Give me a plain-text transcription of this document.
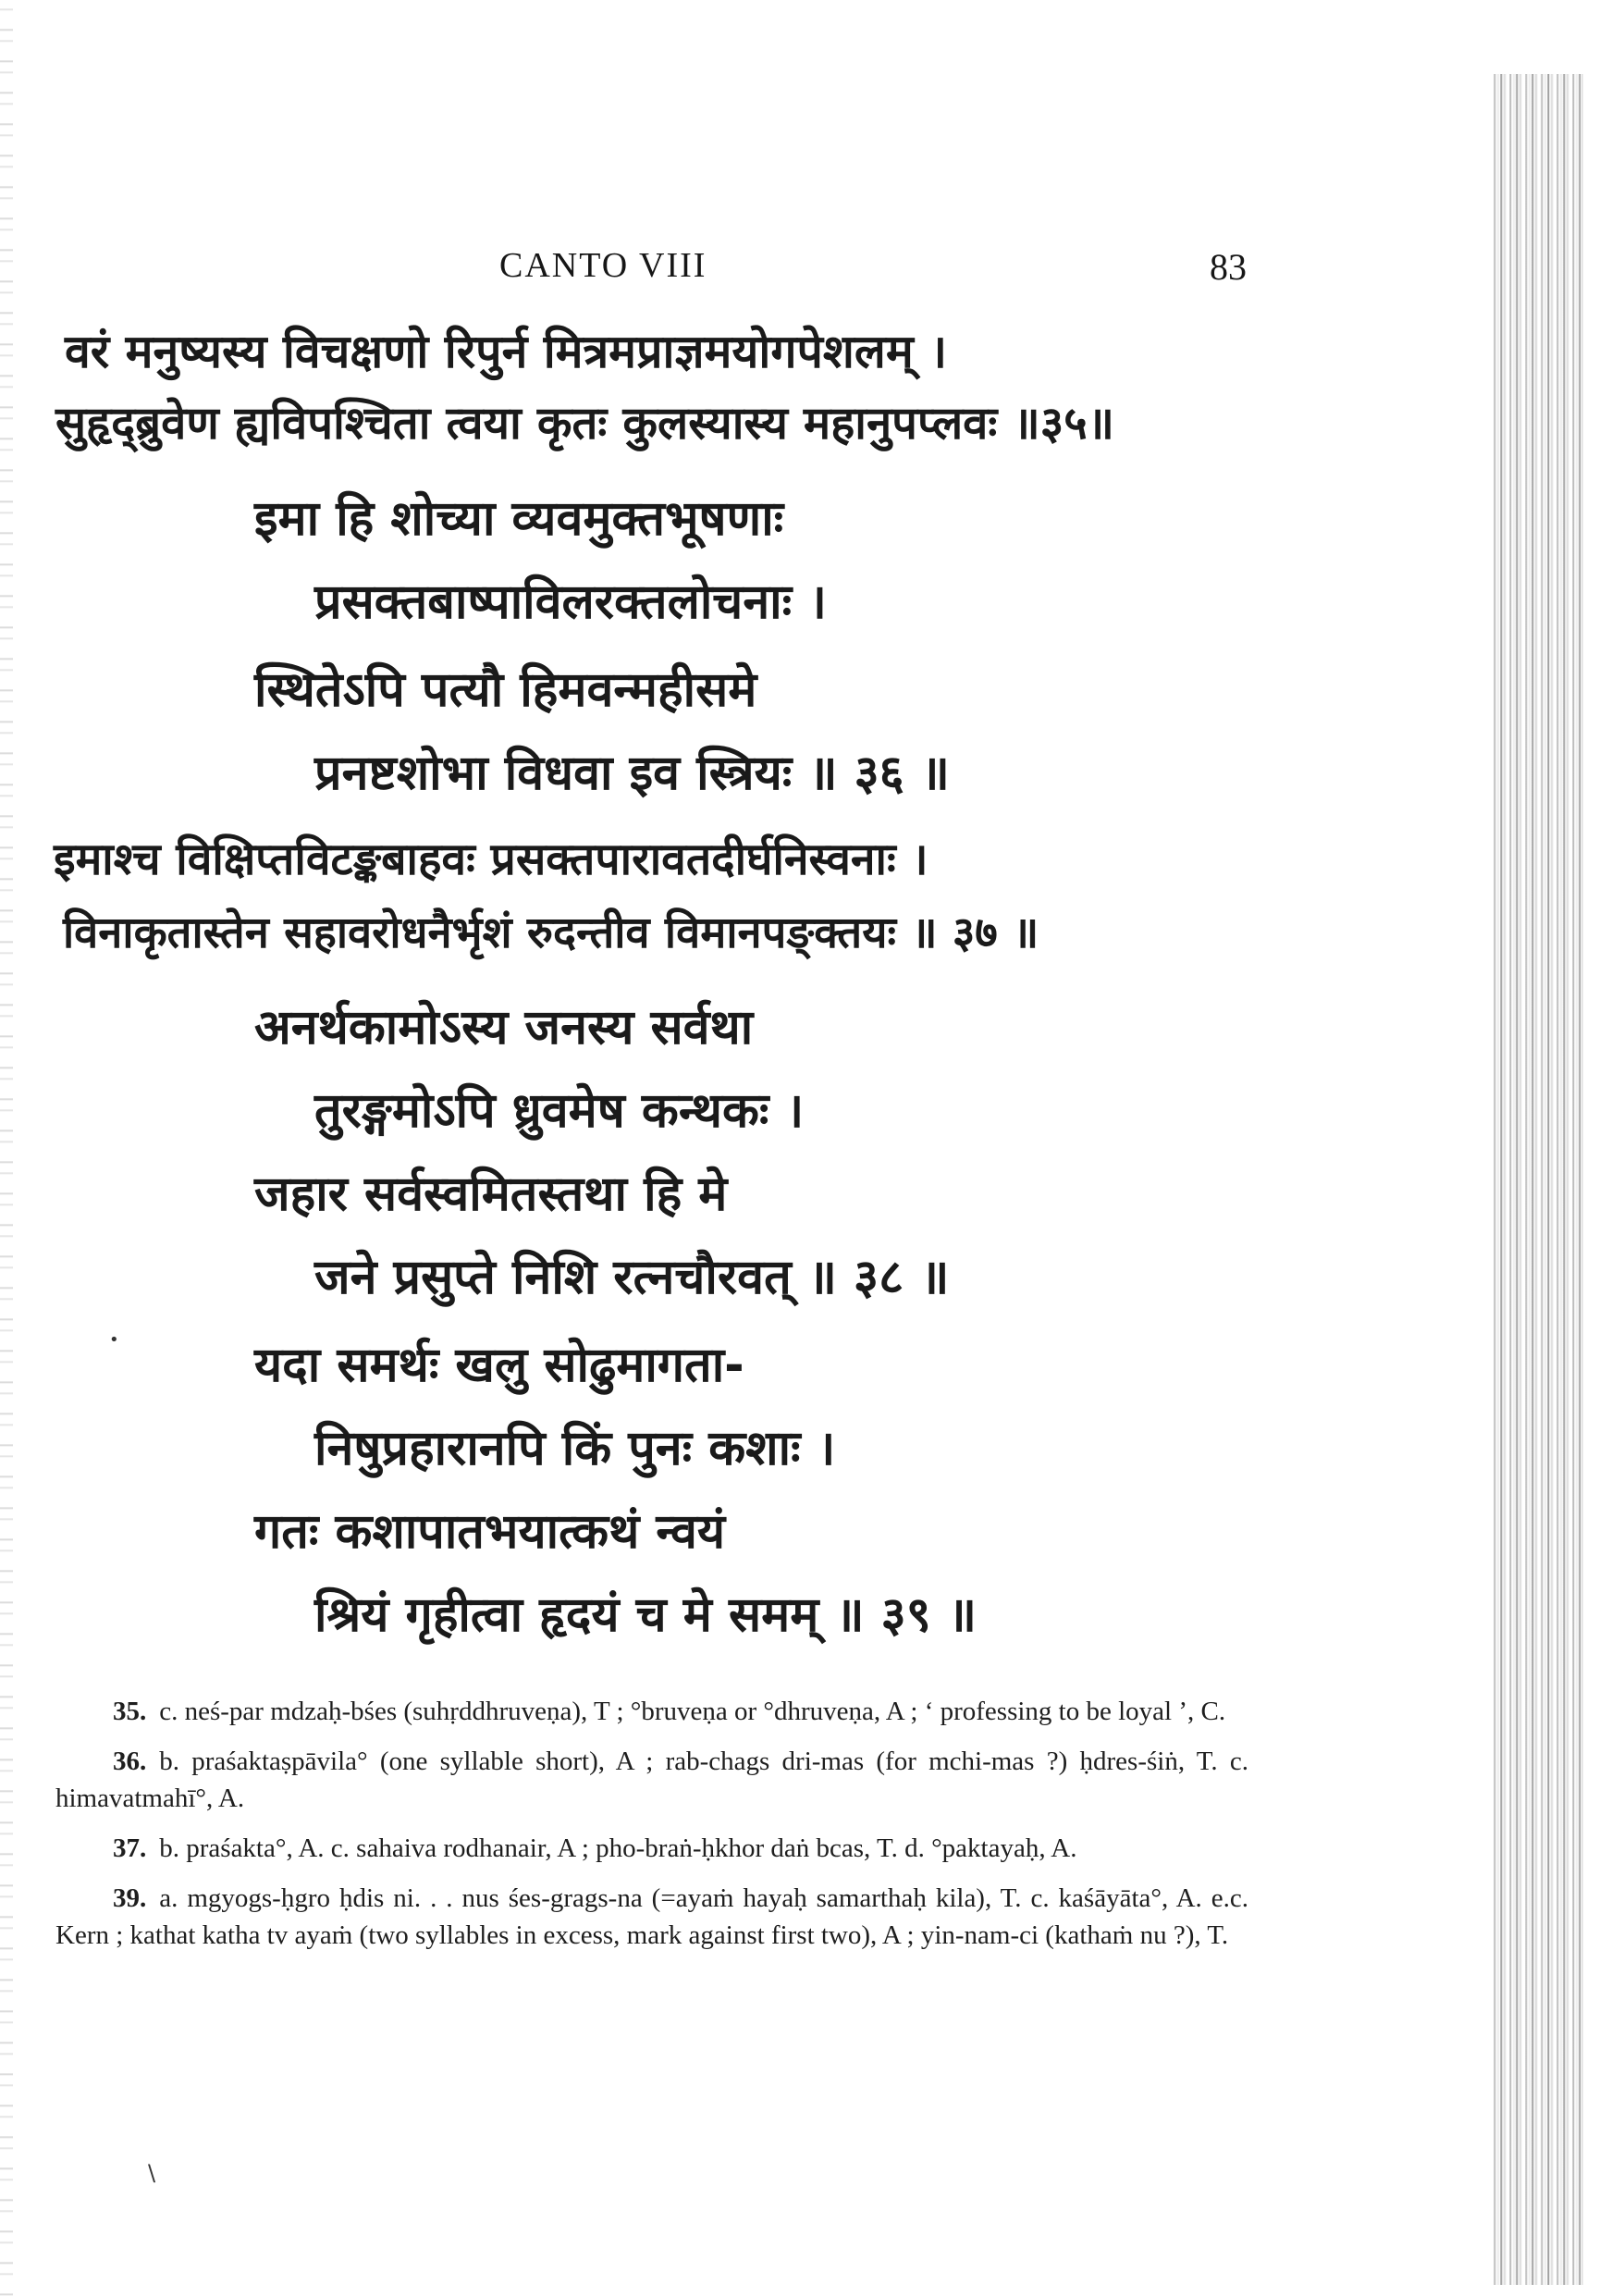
CANTO VIII	83
वरं मनुष्यस्य विचक्षणो रिपुर्न मित्रमप्राज्ञमयोगपेशलम् ।
सुहृद्ब्रुवेण ह्यविपश्चिता त्वया कृतः कुलस्यास्य महानुपप्लवः ॥३५॥
इमा हि शोच्या व्यवमुक्तभूषणाः
प्रसक्तबाष्पाविलरक्तलोचनाः ।
स्थितेऽपि पत्यौ हिमवन्महीसमे
प्रनष्टशोभा विधवा इव स्त्रियः ॥ ३६ ॥
इमाश्च विक्षिप्तविटङ्कबाहवः प्रसक्तपारावतदीर्घनिस्वनाः ।
विनाकृतास्तेन सहावरोधनैर्भृशं रुदन्तीव विमानपङ्क्तयः ॥ ३७ ॥
अनर्थकामोऽस्य जनस्य सर्वथा
तुरङ्गमोऽपि ध्रुवमेष कन्थकः ।
जहार सर्वस्वमितस्तथा हि मे
जने प्रसुप्ते निशि रत्नचौरवत् ॥ ३८ ॥
यदा समर्थः खलु सोढुमागता-
निषुप्रहारानपि किं पुनः कशाः ।
गतः कशापातभयात्कथं न्वयं
श्रियं गृहीत्वा हृदयं च मे समम् ॥ ३९ ॥
•

35. c. neś-par mdzaḥ-bśes (suhṛddhruveṇa), T ; °bruveṇa or °dhruveṇa, A ; ‘ professing to be loyal ’, C.

36. b. praśaktaṣpāvila° (one syllable short), A ; rab-chags dri-mas (for mchi-mas ?) ḥdres-śiṅ, T. c. himavatmahī°, A.

37. b. praśakta°, A. c. sahaiva rodhanair, A ; pho-braṅ-ḥkhor daṅ bcas, T. d. °paktayaḥ, A.

39. a. mgyogs-ḥgro ḥdis ni. . . nus śes-grags-na (=ayaṁ hayaḥ samarthaḥ kila), T. c. kaśāyāta°, A. e.c. Kern ; kathat katha tv ayaṁ (two syllables in excess, mark against first two), A ; yin-nam-ci (kathaṁ nu ?), T.

\
